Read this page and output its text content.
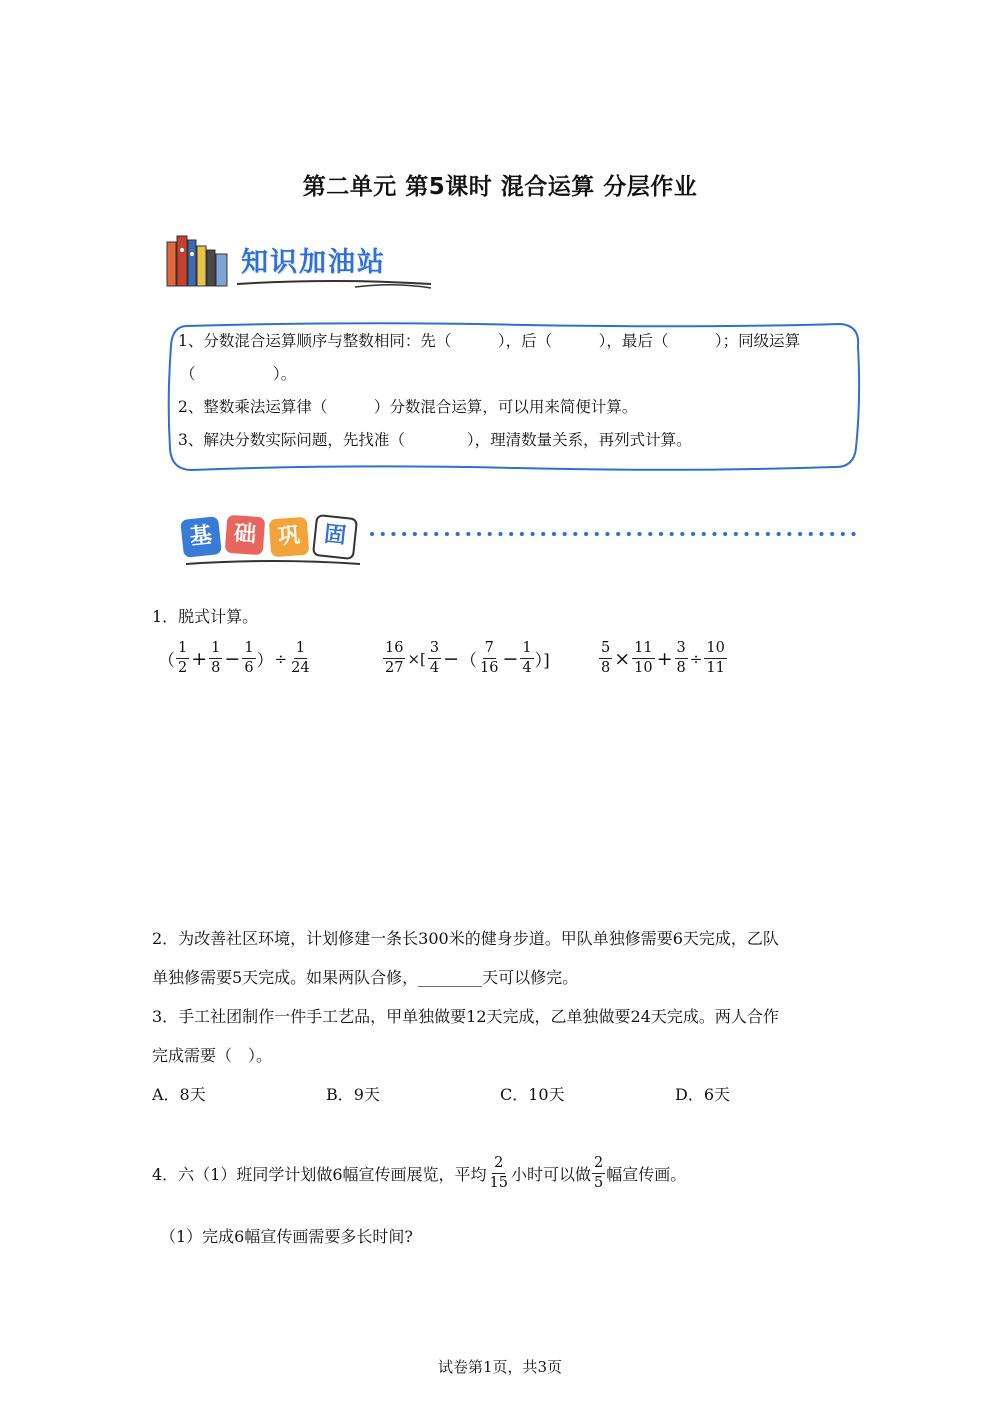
第二单元 第5课时 混合运算 分层作业
知识加油站
1、分数混合运算顺序与整数相同：先（　　　），后（　　　），最后（　　　）；同级运算
（　　　　　）。
2、整数乘法运算律（　　　）分数混合运算，可以用来简便计算。
3、解决分数实际问题，先找准（　　　　），理清数量关系，再列式计算。
基 础 巩	固
1．脱式计算。
（ $\frac{1}{2} + \frac{1}{8} - \frac{1}{6}$ ） ÷ $\frac{1}{24}$	$\frac{16}{27}$ ×[ $\frac{3}{4}$ − （ $\frac{7}{16} - \frac{1}{4}$ ）]	$\frac{5}{8} \times \frac{11}{10} + \frac{3}{8} \div \frac{10}{11}$
2．为改善社区环境，计划修建一条长300米的健身步道。甲队单独修需要6天完成，乙队
单独修需要5天完成。如果两队合修，________天可以修完。
3．手工社团制作一件手工艺品，甲单独做要12天完成，乙单独做要24天完成。两人合作
完成需要（　）。
A．8天	B．9天	C．10天	D．6天
4．六（1）班同学计划做6幅宣传画展览，平均 $\frac{2}{15}$ 小时可以做 $\frac{2}{5}$ 幅宣传画。
（1）完成6幅宣传画需要多长时间?
试卷第1页，共3页
